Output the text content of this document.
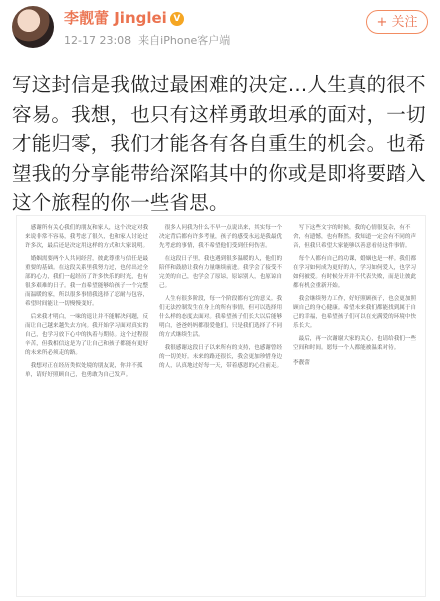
李靓蕾 Jinglei V
12-17 23:08 来自iPhone客户端
+ 关注
写这封信是我做过最困难的决定…人生真的很不容易。我想，也只有这样勇敢坦承的面对，一切才能归零，我们才能各有各自重生的机会。也希望我的分享能带给深陷其中的你或是即将要踏入这个旅程的你一些省思。

感谢所有关心我们的朋友和家人，这个决定对我来说非常不容易，我考虑了很久，也和家人讨论过许多次，最后还是决定用这样的方式和大家说明。

婚姻需要两个人共同经营，彼此尊重与信任是最重要的基础。在这段关系里我努力过，也付出过全部的心力，我们一起经历了许多快乐的时光，也有很多艰难的日子。我一直希望能够给孩子一个完整而温暖的家，所以很多事情我选择了忍耐与包容，希望时间能让一切慢慢变好。

后来我才明白，一味的退让并不能解决问题，反而让自己越来越失去方向。我开始学习面对真实的自己，也学习放下心中的执着与期待。这个过程很辛苦，但我相信这是为了让自己和孩子都能有更好的未来所必须走的路。

我想对正在经历类似处境的朋友说，你并不孤单，请好好照顾自己，也勇敢为自己发声。

很多人问我为什么不早一点说出来，其实每一个决定背后都有许多考量，孩子的感受永远是我最优先考虑的事情，我不希望他们受到任何伤害。

在这段日子里，我也遇到很多温暖的人，他们的陪伴和鼓励让我有力量继续前进。我学会了接受不完美的自己，也学会了原谅，原谅别人，也原谅自己。

人生有很多阶段，每一个阶段都有它的意义。我们无法控制发生在身上的所有事情，但可以选择用什么样的态度去面对。我希望孩子们长大以后能够明白，爸爸妈妈都很爱他们，只是我们选择了不同的方式继续生活。

我很感谢这段日子以来所有的支持，也感谢曾经的一切美好。未来的路还很长，我会更加珍惜身边的人，认真地过好每一天，带着感恩的心往前走。

写下这些文字的时候，我的心情很复杂，有不舍，有遗憾，也有释然。我知道一定会有不同的声音，但我只希望大家能够以善意看待这件事情。

每个人都有自己的功课，婚姻也是一样。我们都在学习如何成为更好的人，学习如何爱人，也学习如何被爱。有时候分开并不代表失败，而是让彼此都有机会重新开始。

我会继续努力工作，好好照顾孩子，也会更加照顾自己的身心健康。希望未来我们都能找到属于自己的幸福，也希望孩子们可以在充满爱的环境中快乐长大。

最后，再一次谢谢大家的关心，也请给我们一些空间和时间。愿每一个人都能被温柔对待。

李靓蕾
